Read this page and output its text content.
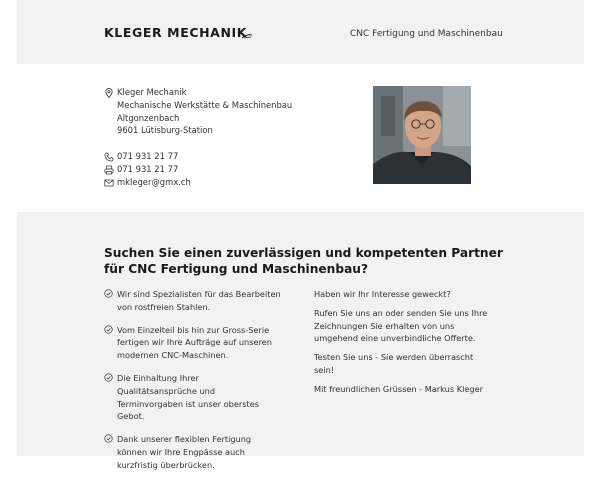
KLEGER MECHANIK	CNC Fertigung und Maschinenbau
Kleger Mechanik
Mechanische Werkstätte & Maschinenbau
Altgonzenbach
9601 Lütisburg-Station
071 931 21 77
071 931 21 77
mkleger@gmx.ch
Suchen Sie einen zuverlässigen und kompetenten Partner
für CNC Fertigung und Maschinenbau?
Wir sind Spezialisten für das Bearbeiten
von rostfreien Stahlen.
Vom Einzelteil bis hin zur Gross-Serie
fertigen wir Ihre Aufträge auf unseren
modernen CNC-Maschinen.
Die Einhaltung Ihrer
Qualitätsansprüche und
Terminvorgaben ist unser oberstes
Gebot.
Dank unserer flexiblen Fertigung
können wir Ihre Engpässe auch
kurzfristig überbrücken.

Haben wir Ihr Interesse geweckt?

Rufen Sie uns an oder senden Sie uns Ihre
Zeichnungen Sie erhalten von uns
umgehend eine unverbindliche Offerte.

Testen Sie uns - Sie werden überrascht
sein!

Mit freundlichen Grüssen - Markus Kleger
